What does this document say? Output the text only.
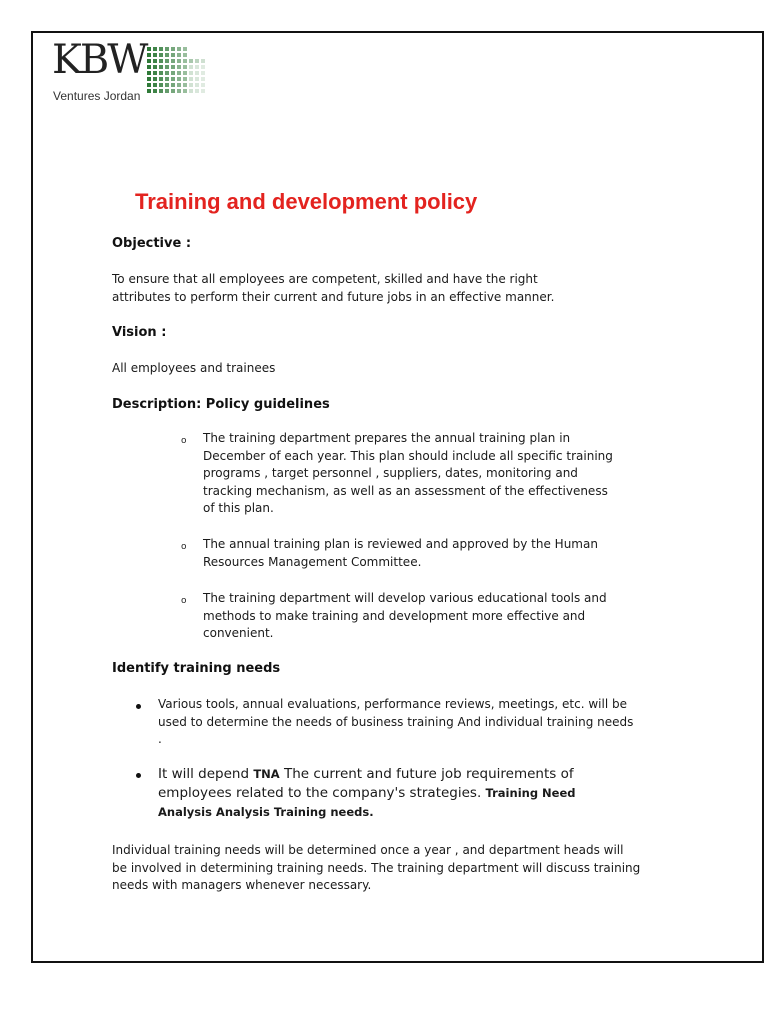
KBW
Ventures Jordan
Training and development policy
Objective :

To ensure that all employees are competent, skilled and have the right attributes to perform their current and future jobs in an effective manner.

Vision :

All employees and trainees

Description: Policy guidelines
o The training department prepares the annual training plan in December of each year. This plan should include all specific training programs , target personnel , suppliers, dates, monitoring and tracking mechanism, as well as an assessment of the effectiveness of this plan.

o The annual training plan is reviewed and approved by the Human Resources Management Committee.

o The training department will develop various educational tools and methods to make training and development more effective and convenient.

Identify training needs

Various tools, annual evaluations, performance reviews, meetings, etc. will be used to determine the needs of business training And individual training needs .

It will depend TNA The current and future job requirements of employees related to the company's strategies. Training Need Analysis Analysis Training needs.

Individual training needs will be determined once a year , and department heads will be involved in determining training needs. The training department will discuss training needs with managers whenever necessary.
